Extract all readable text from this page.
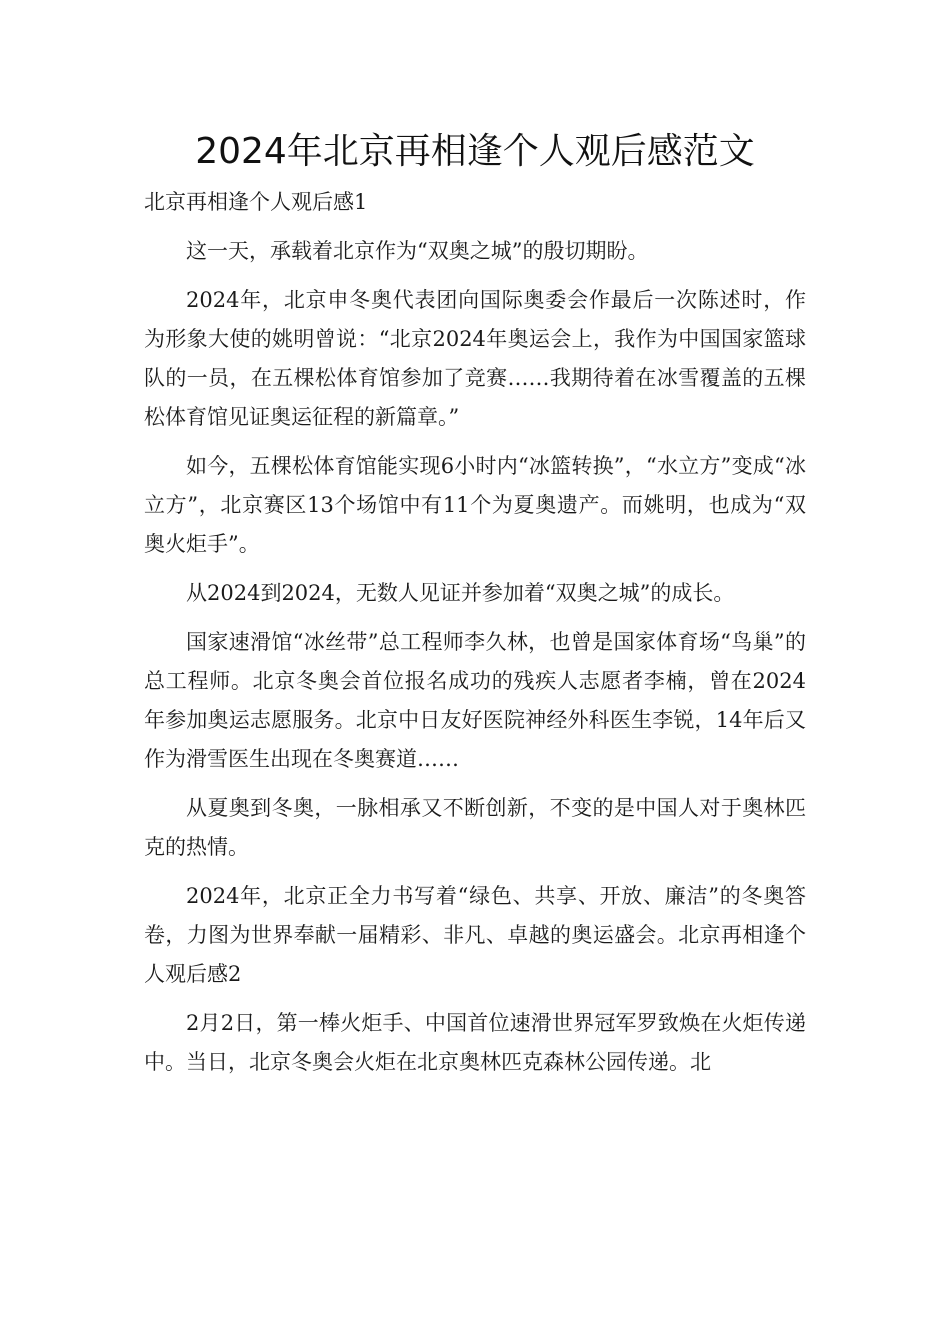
2024年北京再相逢个人观后感范文

北京再相逢个人观后感1

这一天，承载着北京作为“双奥之城”的殷切期盼。

2024年，北京申冬奥代表团向国际奥委会作最后一次陈述时，作为形象大使的姚明曾说：“北京2024年奥运会上，我作为中国国家篮球队的一员，在五棵松体育馆参加了竞赛……我期待着在冰雪覆盖的五棵松体育馆见证奥运征程的新篇章。”

如今，五棵松体育馆能实现6小时内“冰篮转换”，“水立方”变成“冰立方”，北京赛区13个场馆中有11个为夏奥遗产。而姚明，也成为“双奥火炬手”。

从2024到2024，无数人见证并参加着“双奥之城”的成长。

国家速滑馆“冰丝带”总工程师李久林，也曾是国家体育场“鸟巢”的总工程师。北京冬奥会首位报名成功的残疾人志愿者李楠，曾在2024年参加奥运志愿服务。北京中日友好医院神经外科医生李锐，14年后又作为滑雪医生出现在冬奥赛道……

从夏奥到冬奥，一脉相承又不断创新，不变的是中国人对于奥林匹克的热情。

2024年，北京正全力书写着“绿色、共享、开放、廉洁”的冬奥答卷，力图为世界奉献一届精彩、非凡、卓越的奥运盛会。北京再相逢个人观后感2

2月2日，第一棒火炬手、中国首位速滑世界冠军罗致焕在火炬传递中。当日，北京冬奥会火炬在北京奥林匹克森林公园传递。北
